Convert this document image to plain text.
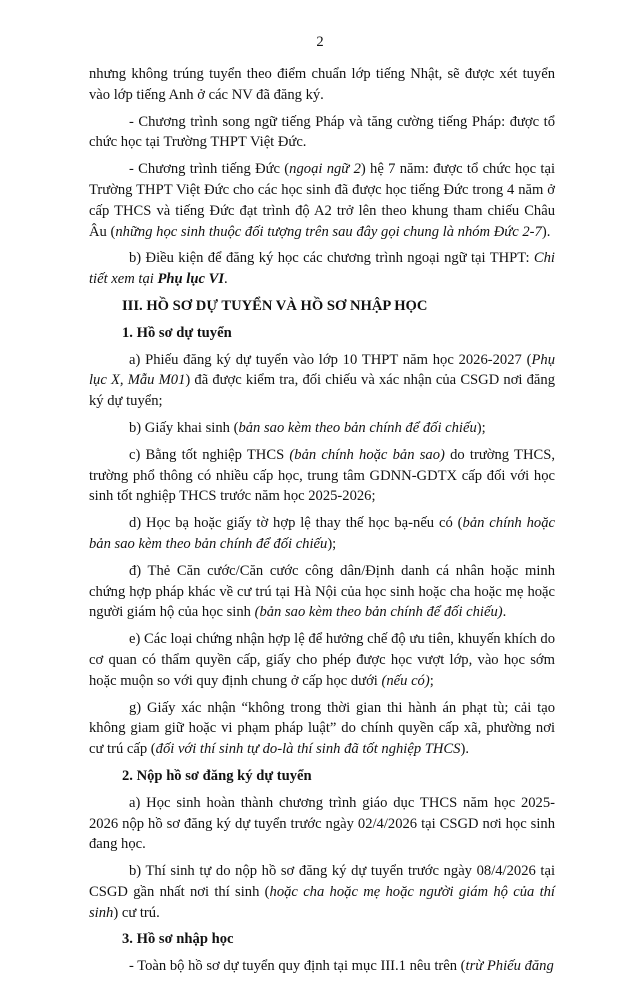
2

nhưng không trúng tuyển theo điểm chuẩn lớp tiếng Nhật, sẽ được xét tuyển vào lớp tiếng Anh ở các NV đã đăng ký.

- Chương trình song ngữ tiếng Pháp và tăng cường tiếng Pháp: được tổ chức học tại Trường THPT Việt Đức.

- Chương trình tiếng Đức (ngoại ngữ 2) hệ 7 năm: được tổ chức học tại Trường THPT Việt Đức cho các học sinh đã được học tiếng Đức trong 4 năm ở cấp THCS và tiếng Đức đạt trình độ A2 trở lên theo khung tham chiếu Châu Âu (những học sinh thuộc đối tượng trên sau đây gọi chung là nhóm Đức 2-7).

b) Điều kiện để đăng ký học các chương trình ngoại ngữ tại THPT: Chi tiết xem tại Phụ lục VI.

III. HỒ SƠ DỰ TUYỂN VÀ HỒ SƠ NHẬP HỌC

1. Hồ sơ dự tuyển

a) Phiếu đăng ký dự tuyển vào lớp 10 THPT năm học 2026-2027 (Phụ lục X, Mẫu M01) đã được kiểm tra, đối chiếu và xác nhận của CSGD nơi đăng ký dự tuyển;

b) Giấy khai sinh (bản sao kèm theo bản chính để đối chiếu);

c) Bằng tốt nghiệp THCS (bản chính hoặc bản sao) do trường THCS, trường phổ thông có nhiều cấp học, trung tâm GDNN-GDTX cấp đối với học sinh tốt nghiệp THCS trước năm học 2025-2026;

d) Học bạ hoặc giấy tờ hợp lệ thay thế học bạ-nếu có (bản chính hoặc bản sao kèm theo bản chính để đối chiếu);

đ) Thẻ Căn cước/Căn cước công dân/Định danh cá nhân hoặc minh chứng hợp pháp khác về cư trú tại Hà Nội của học sinh hoặc cha hoặc mẹ hoặc người giám hộ của học sinh (bản sao kèm theo bản chính để đối chiếu).

e) Các loại chứng nhận hợp lệ để hưởng chế độ ưu tiên, khuyến khích do cơ quan có thẩm quyền cấp, giấy cho phép được học vượt lớp, vào học sớm hoặc muộn so với quy định chung ở cấp học dưới (nếu có);

g) Giấy xác nhận “không trong thời gian thi hành án phạt tù; cải tạo không giam giữ hoặc vi phạm pháp luật” do chính quyền cấp xã, phường nơi cư trú cấp (đối với thí sinh tự do-là thí sinh đã tốt nghiệp THCS).

2. Nộp hồ sơ đăng ký dự tuyển

a) Học sinh hoàn thành chương trình giáo dục THCS năm học 2025-2026 nộp hồ sơ đăng ký dự tuyển trước ngày 02/4/2026 tại CSGD nơi học sinh đang học.

b) Thí sinh tự do nộp hồ sơ đăng ký dự tuyển trước ngày 08/4/2026 tại CSGD gần nhất nơi thí sinh (hoặc cha hoặc mẹ hoặc người giám hộ của thí sinh) cư trú.

3. Hồ sơ nhập học

- Toàn bộ hồ sơ dự tuyển quy định tại mục III.1 nêu trên (trừ Phiếu đăng
